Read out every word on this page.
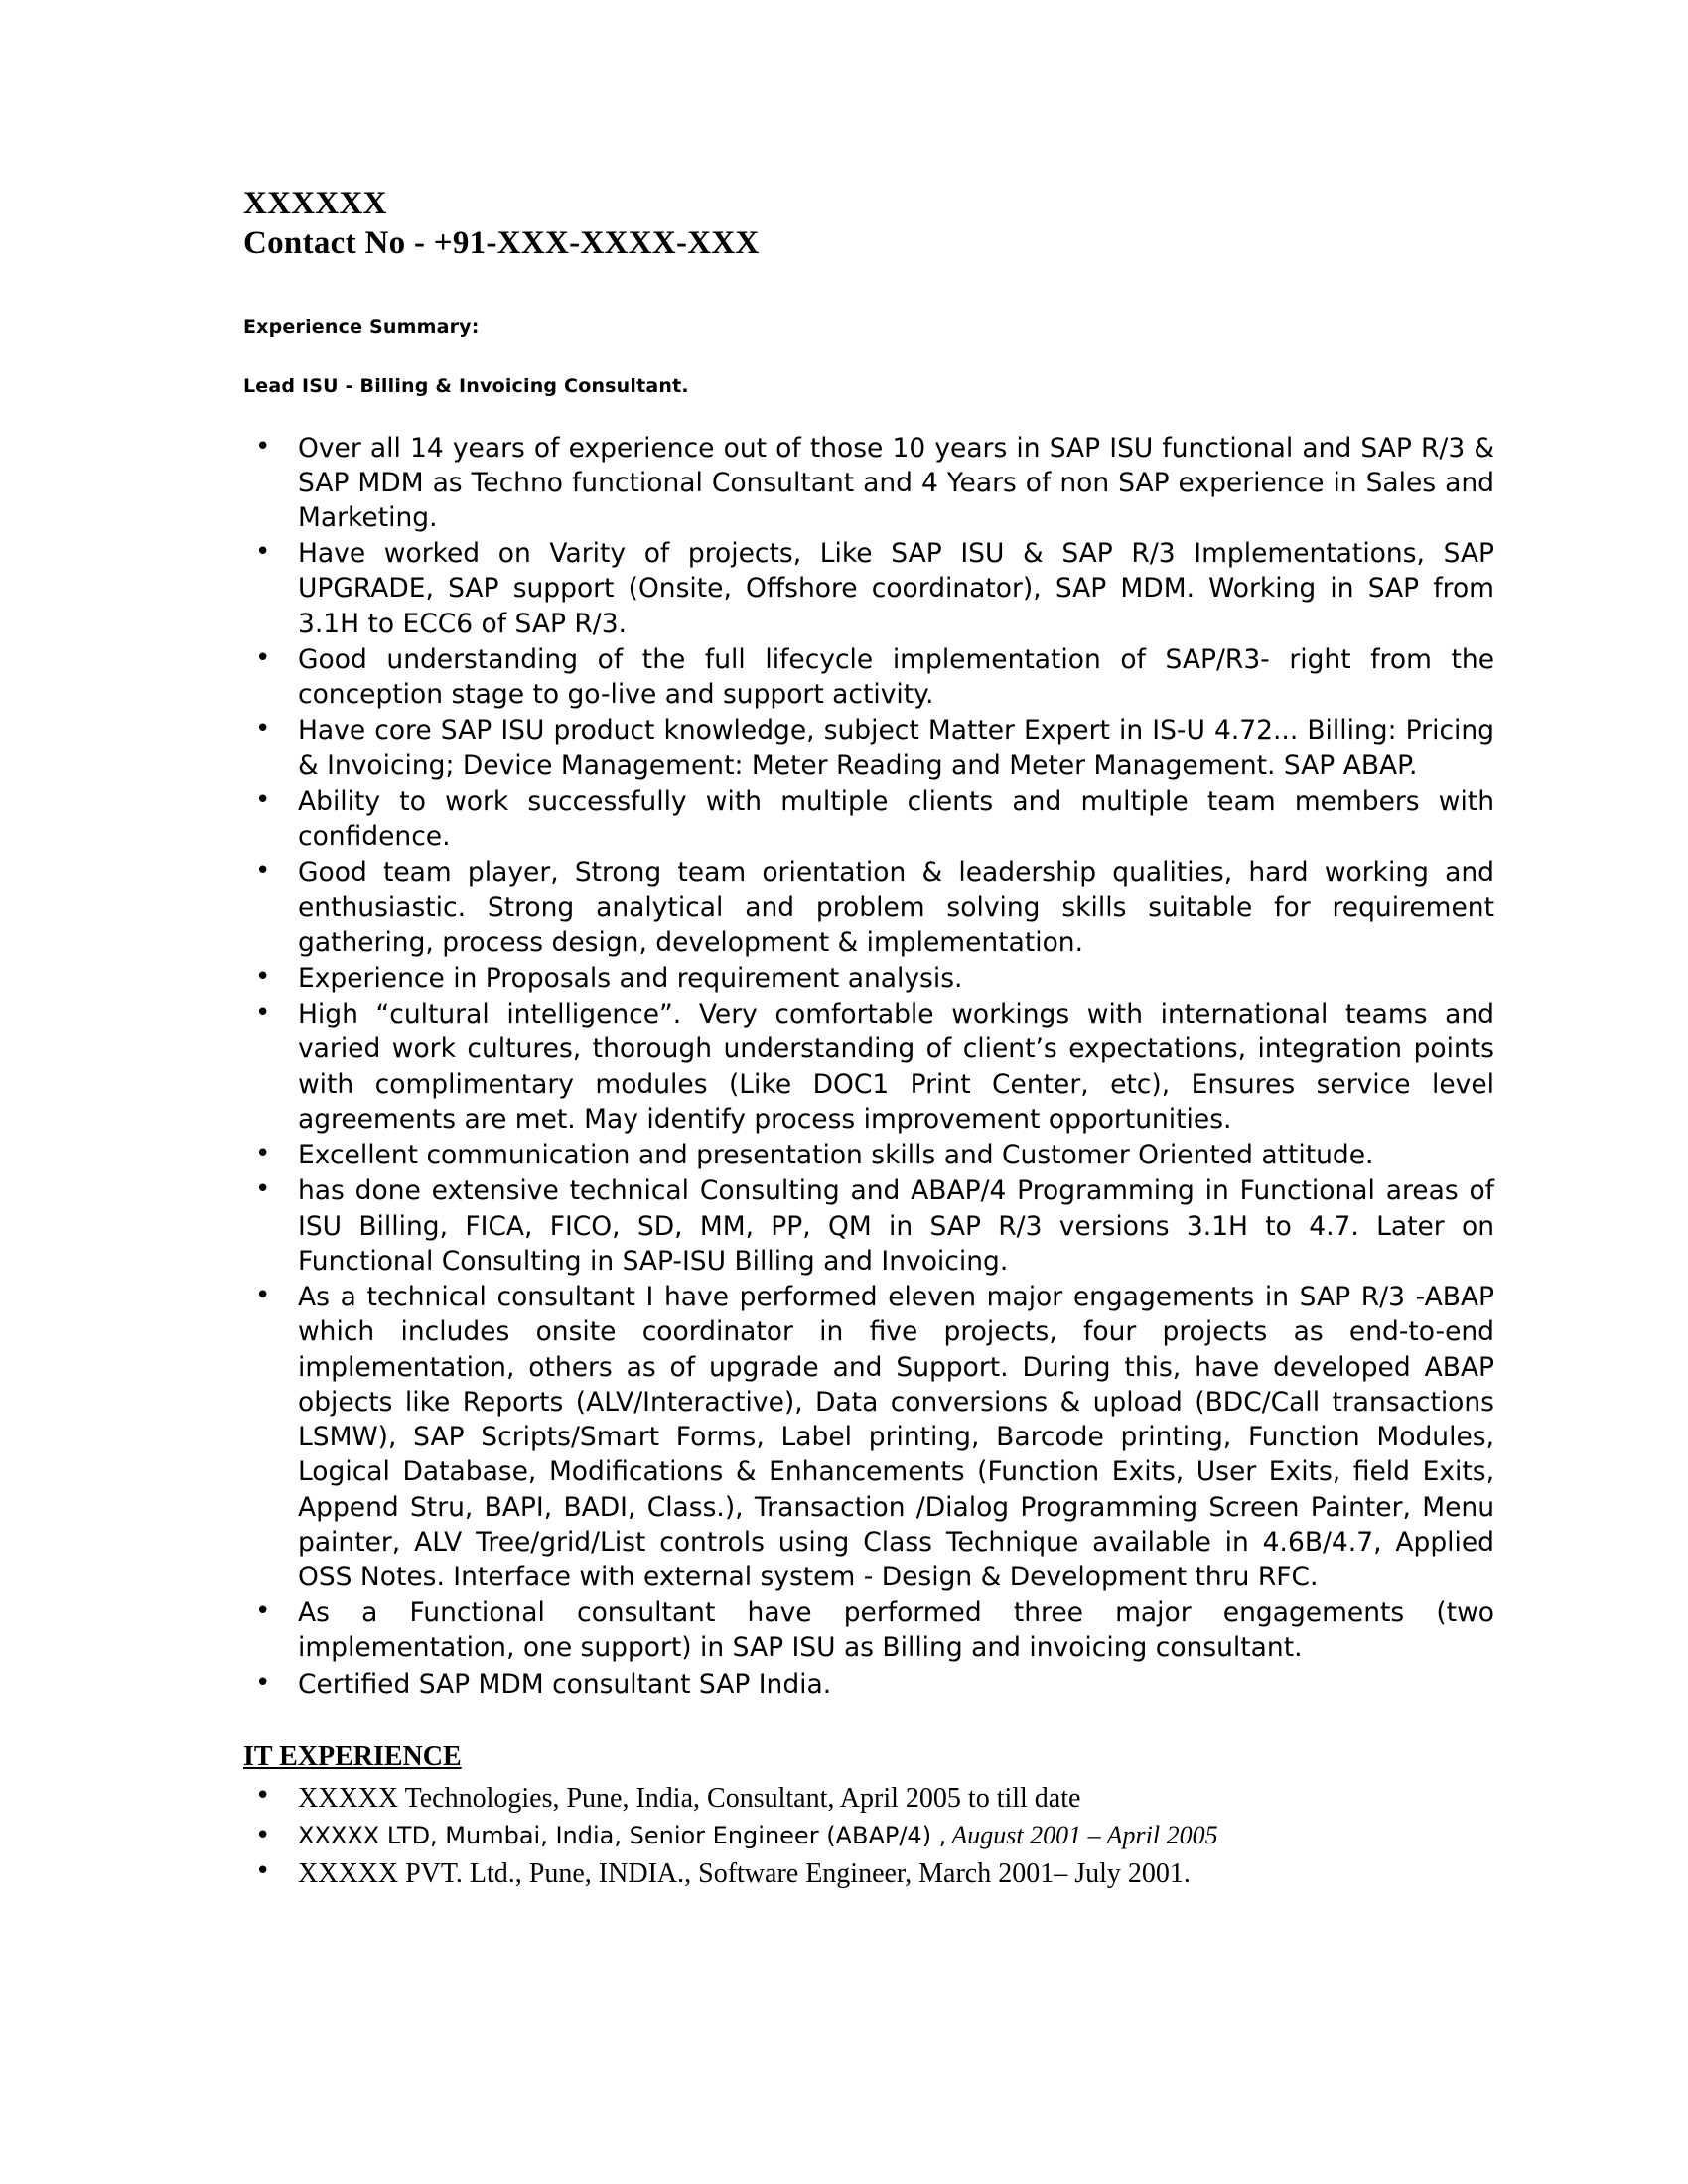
XXXXXX
Contact No - +91-XXX-XXXX-XXX
Experience Summary:
Lead ISU - Billing & Invoicing Consultant.
• Over all 14 years of experience out of those 10 years in SAP ISU functional and SAP R/3 & SAP MDM as Techno functional Consultant and 4 Years of non SAP experience in Sales and Marketing.
• Have worked on Varity of projects, Like SAP ISU & SAP R/3 Implementations, SAP UPGRADE, SAP support (Onsite, Offshore coordinator), SAP MDM. Working in SAP from 3.1H to ECC6 of SAP R/3.
• Good understanding of the full lifecycle implementation of SAP/R3- right from the conception stage to go-live and support activity.
• Have core SAP ISU product knowledge, subject Matter Expert in IS-U 4.72... Billing: Pricing & Invoicing; Device Management: Meter Reading and Meter Management. SAP ABAP.
• Ability to work successfully with multiple clients and multiple team members with confidence.
• Good team player, Strong team orientation & leadership qualities, hard working and enthusiastic. Strong analytical and problem solving skills suitable for requirement gathering, process design, development & implementation.
• Experience in Proposals and requirement analysis.
• High “cultural intelligence”. Very comfortable workings with international teams and varied work cultures, thorough understanding of client’s expectations, integration points with complimentary modules (Like DOC1 Print Center, etc), Ensures service level agreements are met. May identify process improvement opportunities.
• Excellent communication and presentation skills and Customer Oriented attitude.
• has done extensive technical Consulting and ABAP/4 Programming in Functional areas of ISU Billing, FICA, FICO, SD, MM, PP, QM in SAP R/3 versions 3.1H to 4.7. Later on Functional Consulting in SAP-ISU Billing and Invoicing.
• As a technical consultant I have performed eleven major engagements in SAP R/3 -ABAP which includes onsite coordinator in five projects, four projects as end-to-end implementation, others as of upgrade and Support. During this, have developed ABAP objects like Reports (ALV/Interactive), Data conversions & upload (BDC/Call transactions LSMW), SAP Scripts/Smart Forms, Label printing, Barcode printing, Function Modules, Logical Database, Modifications & Enhancements (Function Exits, User Exits, field Exits, Append Stru, BAPI, BADI, Class.), Transaction /Dialog Programming Screen Painter, Menu painter, ALV Tree/grid/List controls using Class Technique available in 4.6B/4.7, Applied OSS Notes. Interface with external system - Design & Development thru RFC.
• As a Functional consultant have performed three major engagements (two implementation, one support) in SAP ISU as Billing and invoicing consultant.
• Certified SAP MDM consultant SAP India.
IT EXPERIENCE
• XXXXX Technologies, Pune, India, Consultant, April 2005 to till date
• XXXXX LTD, Mumbai, India, Senior Engineer (ABAP/4) , August 2001 – April 2005
• XXXXX PVT. Ltd., Pune, INDIA., Software Engineer, March 2001– July 2001.
